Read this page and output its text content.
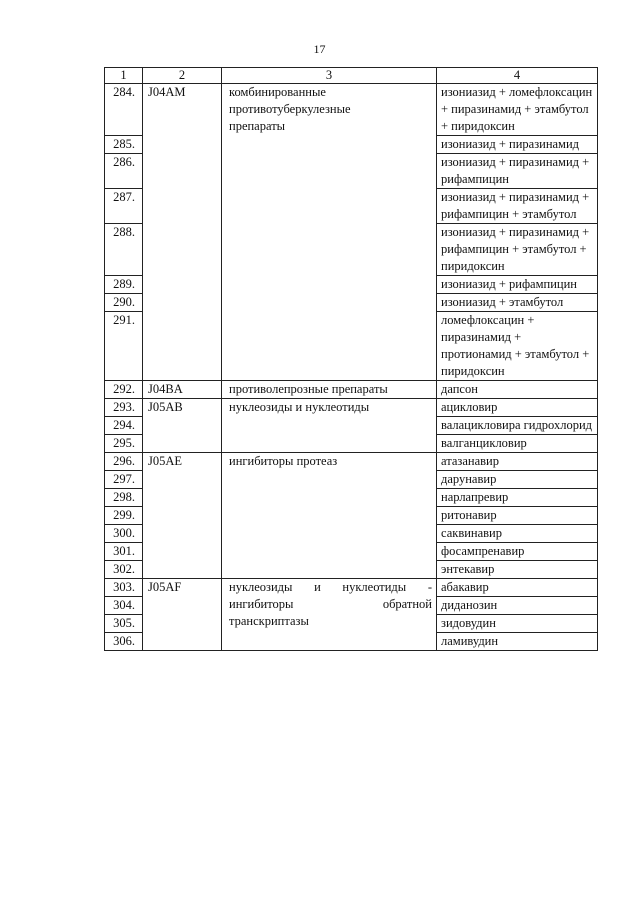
17
1	2	3	4
284.	J04AM	комбинированные
противотуберкулезные
препараты	изониазид + ломефлоксацин + пиразинамид + этамбутол + пиридоксин
285.			изониазид + пиразинамид
286.			изониазид + пиразинамид + рифампицин
287.			изониазид + пиразинамид + рифампицин + этамбутол
288.			изониазид + пиразинамид + рифампицин + этамбутол + пиридоксин
289.			изониазид + рифампицин
290.			изониазид + этамбутол
291.			ломефлоксацин + пиразинамид + протионамид + этамбутол + пиридоксин
292.	J04BA	противолепрозные препараты	дапсон
293.	J05AB	нуклеозиды и нуклеотиды	ацикловир
294.			валацикловира гидрохлорид
295.			валганцикловир
296.	J05AE	ингибиторы протеаз	атазанавир
297.			дарунавир
298.			нарлапревир
299.			ритонавир
300.			саквинавир
301.			фосампренавир
302.			энтекавир
303.	J05AF	нуклеозиды и нуклеотиды -
ингибиторы обратной
транскриптазы	абакавир
304.			диданозин
305.			зидовудин
306.			ламивудин
